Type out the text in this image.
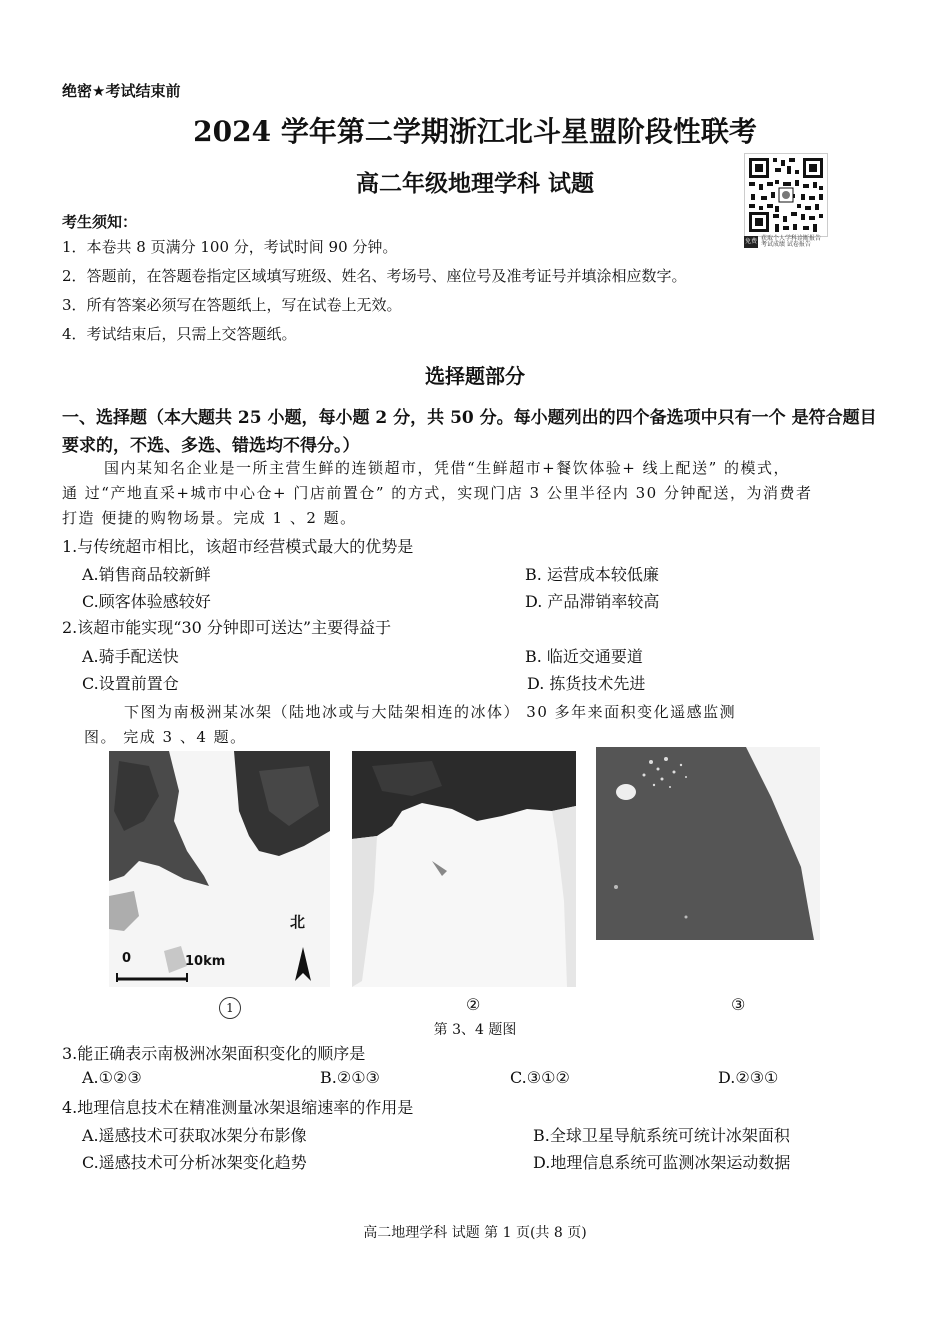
绝密★考试结束前
2024 学年第二学期浙江北斗星盟阶段性联考
高二年级地理学科 试题
免费 获取个人学科诊断报告
考试成绩 试卷报告
考生须知：
1．本卷共 8 页满分 100 分，考试时间 90 分钟。
2．答题前，在答题卷指定区域填写班级、姓名、考场号、座位号及准考证号并填涂相应数字。
3．所有答案必须写在答题纸上，写在试卷上无效。
4．考试结束后，只需上交答题纸。
选择题部分
一、选择题（本大题共 25 小题，每小题 2 分，共 50 分。每小题列出的四个备选项中只有一个 是符合题目要求的，不选、多选、错选均不得分。）
国内某知名企业是一所主营生鲜的连锁超市，凭借“生鲜超市+餐饮体验+ 线上配送” 的模式，
通 过“产地直采+城市中心仓+ 门店前置仓” 的方式，实现门店 3 公里半径内 30 分钟配送，为消费者
打造 便捷的购物场景。完成 1 、2 题。
1.与传统超市相比，该超市经营模式最大的优势是
A.销售商品较新鲜	B. 运营成本较低廉
C.顾客体验感较好	D. 产品滞销率较高
2.该超市能实现“30 分钟即可送达”主要得益于
A.骑手配送快	B. 临近交通要道
C.设置前置仓	D. 拣货技术先进
下图为南极洲某冰架（陆地冰或与大陆架相连的冰体） 30 多年来面积变化遥感监测
图。 完成 3 、4 题。
0	10km
北
1	②	③
第 3、4 题图
3.能正确表示南极洲冰架面积变化的顺序是
A.①②③	B.②①③	C.③①②	D.②③①
4.地理信息技术在精准测量冰架退缩速率的作用是
A.遥感技术可获取冰架分布影像	B.全球卫星导航系统可统计冰架面积
C.遥感技术可分析冰架变化趋势	D.地理信息系统可监测冰架运动数据
高二地理学科 试题 第 1 页(共 8 页)
